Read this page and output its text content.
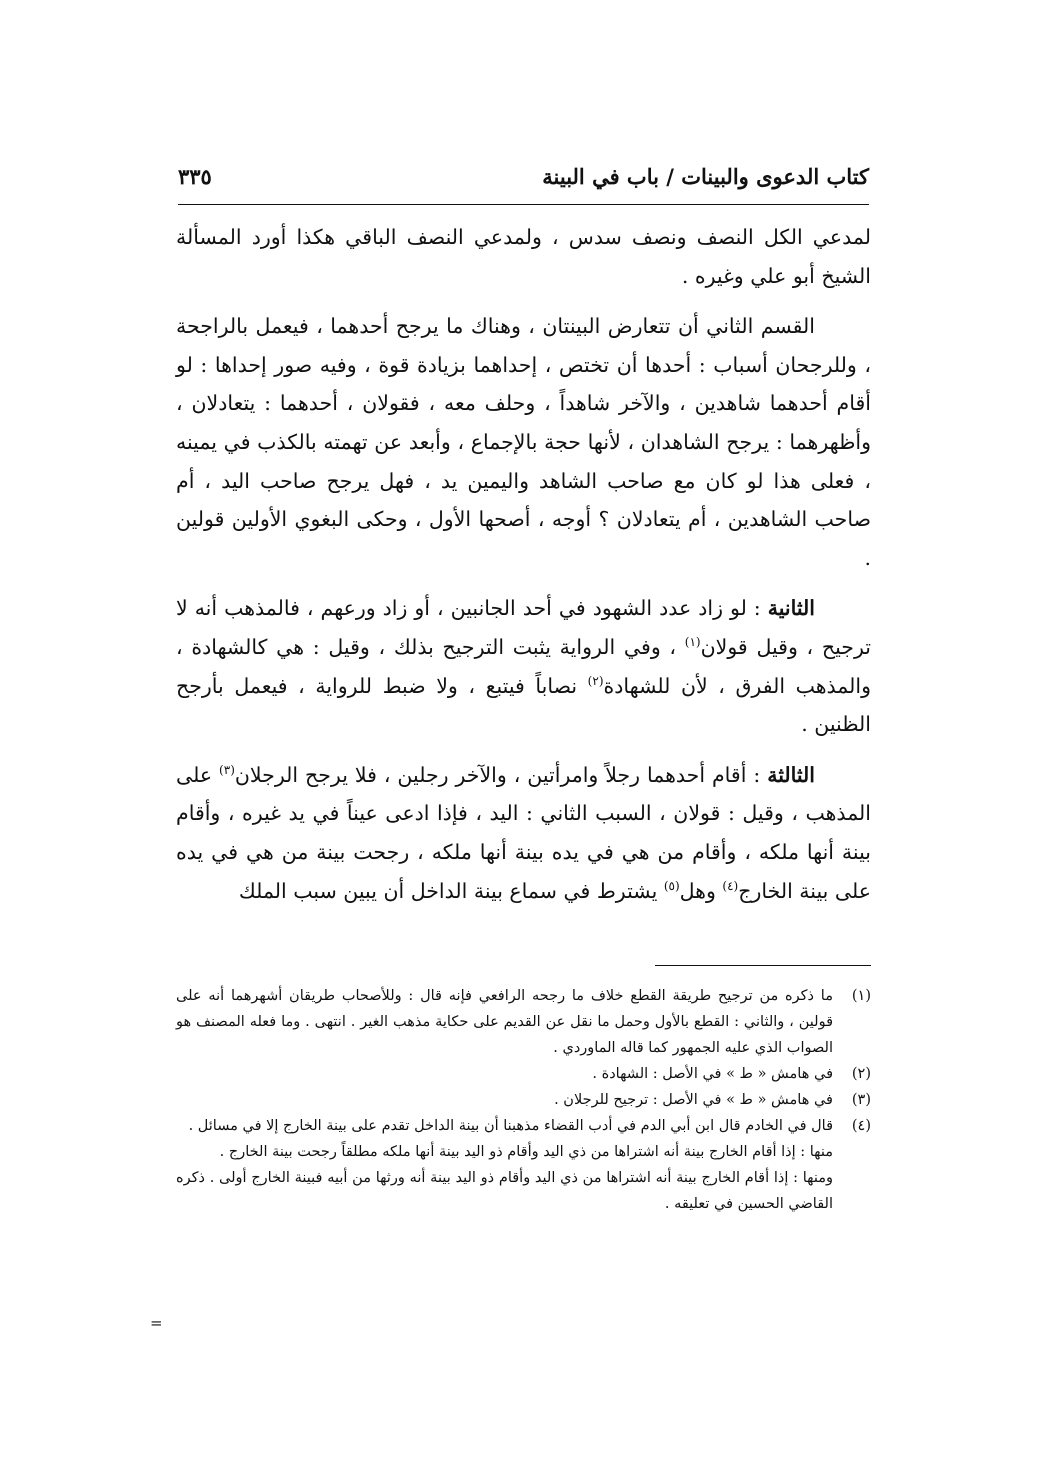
كتاب الدعوى والبينات / باب في البينة
٣٣٥

لمدعي الكل النصف ونصف سدس ، ولمدعي النصف الباقي هكذا أورد المسألة الشيخ أبو علي وغيره .

القسم الثاني أن تتعارض البينتان ، وهناك ما يرجح أحدهما ، فيعمل بالراجحة ، وللرجحان أسباب : أحدها أن تختص ، إحداهما بزيادة قوة ، وفيه صور إحداها : لو أقام أحدهما شاهدين ، والآخر شاهداً ، وحلف معه ، فقولان ، أحدهما : يتعادلان ، وأظهرهما : يرجح الشاهدان ، لأنها حجة بالإجماع ، وأبعد عن تهمته بالكذب في يمينه ، فعلى هذا لو كان مع صاحب الشاهد واليمين يد ، فهل يرجح صاحب اليد ، أم صاحب الشاهدين ، أم يتعادلان ؟ أوجه ، أصحها الأول ، وحكى البغوي الأولين قولين .

الثانية : لو زاد عدد الشهود في أحد الجانبين ، أو زاد ورعهم ، فالمذهب أنه لا ترجيح ، وقيل قولان$^{(١)}$ ، وفي الرواية يثبت الترجيح بذلك ، وقيل : هي كالشهادة ، والمذهب الفرق ، لأن للشهادة$^{(٢)}$ نصاباً فيتبع ، ولا ضبط للرواية ، فيعمل بأرجح الظنين .

الثالثة : أقام أحدهما رجلاً وامرأتين ، والآخر رجلين ، فلا يرجح الرجلان$^{(٣)}$ على المذهب ، وقيل : قولان ، السبب الثاني : اليد ، فإذا ادعى عيناً في يد غيره ، وأقام بينة أنها ملكه ، وأقام من هي في يده بينة أنها ملكه ، رجحت بينة من هي في يده على بينة الخارج$^{(٤)}$ وهل$^{(٥)}$ يشترط في سماع بينة الداخل أن يبين سبب الملك

(١)
ما ذكره من ترجيح طريقة القطع خلاف ما رجحه الرافعي فإنه قال : وللأصحاب طريقان أشهرهما أنه على قولين ، والثاني : القطع بالأول وحمل ما نقل عن القديم على حكاية مذهب الغير . انتهى . وما فعله المصنف هو الصواب الذي عليه الجمهور كما قاله الماوردي .
(٢)
في هامش « ط » في الأصل : الشهادة .
(٣)
في هامش « ط » في الأصل : ترجيح للرجلان .
(٤)
قال في الخادم قال ابن أبي الدم في أدب القضاء مذهبنا أن بينة الداخل تقدم على بينة الخارج إلا في مسائل .
منها : إذا أقام الخارج بينة أنه اشتراها من ذي اليد وأقام ذو اليد بينة أنها ملكه مطلقاً رجحت بينة الخارج .
ومنها : إذا أقام الخارج بينة أنه اشتراها من ذي اليد وأقام ذو اليد بينة أنه ورثها من أبيه فبينة الخارج أولى . ذكره القاضي الحسين في تعليقه .
=
